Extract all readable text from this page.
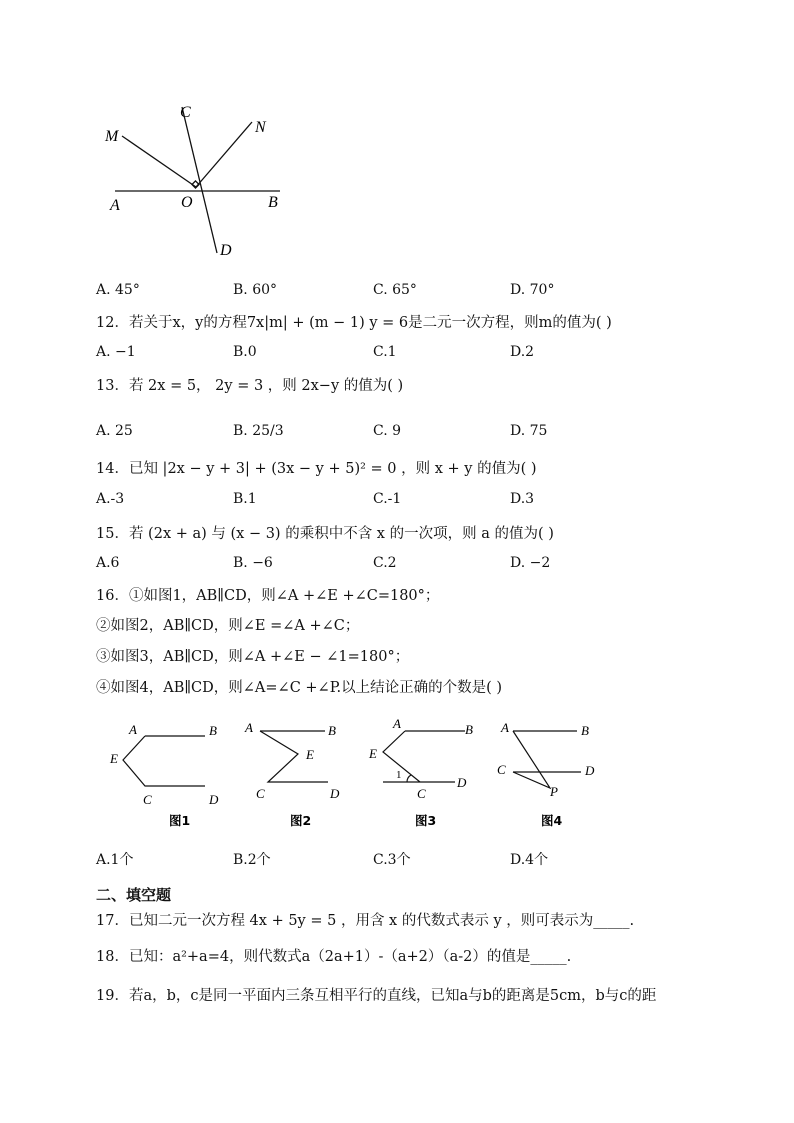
M
C
N
A	O	B
D
A. 45°	B. 60°	C. 65°	D. 70°
12．若关于x，y的方程7x|m| + (m − 1) y = 6是二元一次方程，则m的值为( )
A. −1	B.0	C.1	D.2
13．若 2x = 5， 2y = 3 ，则 2x−y 的值为( )
A. 25	B. 25/3	C. 9	D. 75
14．已知 |2x − y + 3| + (3x − y + 5)² = 0 ，则 x + y 的值为( )
A.-3	B.1	C.-1	D.3
15．若 (2x + a) 与 (x − 3) 的乘积中不含 x 的一次项，则 a 的值为( )
A.6	B. −6	C.2	D. −2
16．①如图1，AB∥CD，则∠A +∠E +∠C=180°；
②如图2，AB∥CD，则∠E =∠A +∠C；
③如图3，AB∥CD，则∠A +∠E − ∠1=180°；
④如图4，AB∥CD，则∠A=∠C +∠P.以上结论正确的个数是( )
A	B
E
C	D
图1
A	B
E
C	D
图2
A	B
E
1
C
D
图3
A	B
C	D
P
图4
A.1个	B.2个	C.3个	D.4个
二、填空题
17．已知二元一次方程 4x + 5y = 5 ，用含 x 的代数式表示 y ，则可表示为_____.
18．已知：a²+a=4，则代数式a（2a+1）-（a+2）（a-2）的值是_____.
19．若a，b，c是同一平面内三条互相平行的直线，已知a与b的距离是5cm，b与c的距
